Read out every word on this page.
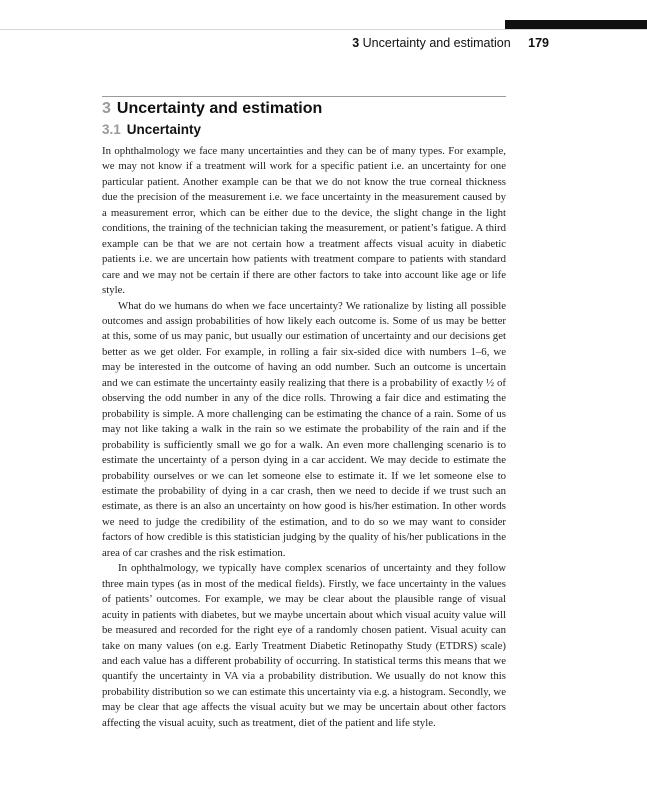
3 Uncertainty and estimation 179
3 Uncertainty and estimation
3.1 Uncertainty

In ophthalmology we face many uncertainties and they can be of many types. For example, we may not know if a treatment will work for a specific patient i.e. an uncertainty for one particular patient. Another example can be that we do not know the true corneal thickness due the precision of the measurement i.e. we face uncertainty in the measurement caused by a measurement error, which can be either due to the device, the slight change in the light conditions, the training of the technician taking the measurement, or patient’s fatigue. A third example can be that we are not certain how a treatment affects visual acuity in diabetic patients i.e. we are uncertain how patients with treatment compare to patients with standard care and we may not be certain if there are other factors to take into account like age or life style.

What do we humans do when we face uncertainty? We rationalize by listing all possible outcomes and assign probabilities of how likely each outcome is. Some of us may be better at this, some of us may panic, but usually our estimation of uncertainty and our decisions get better as we get older. For example, in rolling a fair six-sided dice with numbers 1–6, we may be interested in the outcome of having an odd number. Such an outcome is uncertain and we can estimate the uncertainty easily realizing that there is a probability of exactly ½ of observing the odd number in any of the dice rolls. Throwing a fair dice and estimating the probability is simple. A more challenging can be estimating the chance of a rain. Some of us may not like taking a walk in the rain so we estimate the probability of the rain and if the probability is sufficiently small we go for a walk. An even more challenging scenario is to estimate the uncertainty of a person dying in a car accident. We may decide to estimate the probability ourselves or we can let someone else to estimate it. If we let someone else to estimate the probability of dying in a car crash, then we need to decide if we trust such an estimate, as there is an also an uncertainty on how good is his/her estimation. In other words we need to judge the credibility of the estimation, and to do so we may want to consider factors of how credible is this statistician judging by the quality of his/her publications in the area of car crashes and the risk estimation.

In ophthalmology, we typically have complex scenarios of uncertainty and they follow three main types (as in most of the medical fields). Firstly, we face uncertainty in the values of patients’ outcomes. For example, we may be clear about the plausible range of visual acuity in patients with diabetes, but we maybe uncertain about which visual acuity value will be measured and recorded for the right eye of a randomly chosen patient. Visual acuity can take on many values (on e.g. Early Treatment Diabetic Retinopathy Study (ETDRS) scale) and each value has a different probability of occurring. In statistical terms this means that we quantify the uncertainty in VA via a probability distribution. We usually do not know this probability distribution so we can estimate this uncertainty via e.g. a histogram. Secondly, we may be clear that age affects the visual acuity but we may be uncertain about other factors affecting the visual acuity, such as treatment, diet of the patient and life style.
